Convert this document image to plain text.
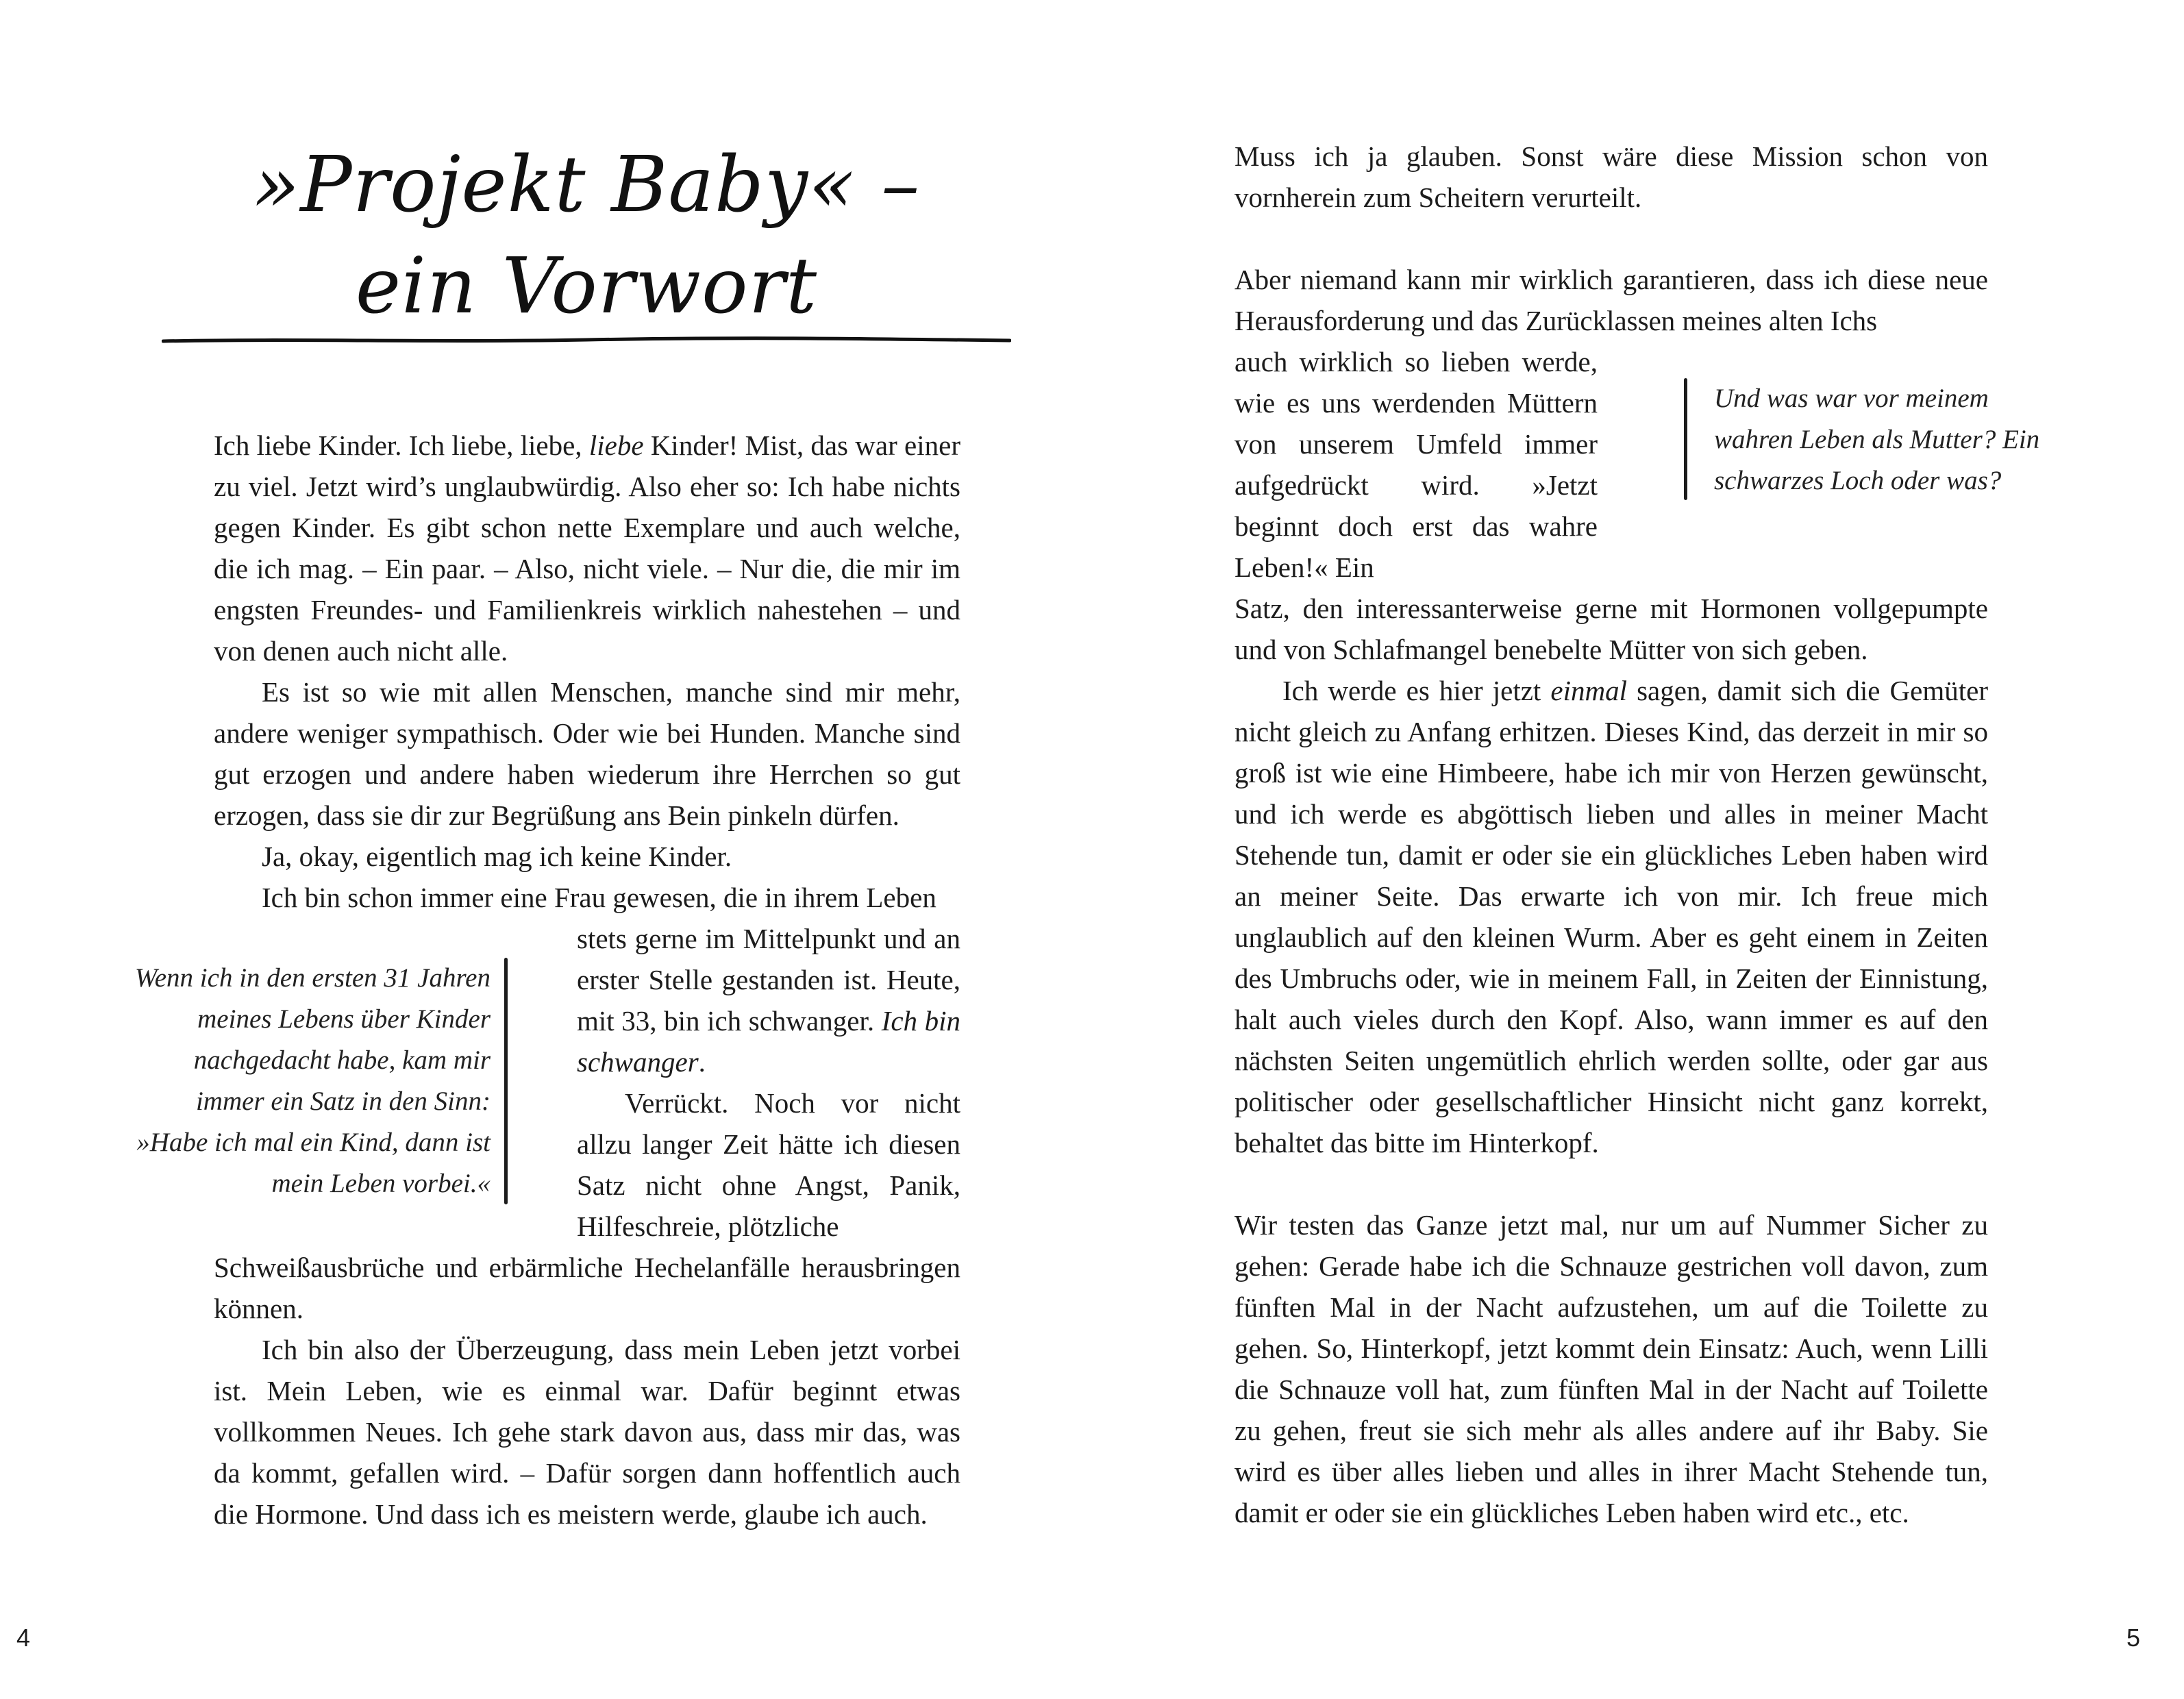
»Projekt Baby« –
ein Vorwort

Ich liebe Kinder. Ich liebe, liebe, liebe Kinder! Mist, das war einer zu viel. Jetzt wird’s unglaubwürdig. Also eher so: Ich habe nichts gegen Kinder. Es gibt schon nette Exemplare und auch welche, die ich mag. – Ein paar. – Also, nicht viele. – Nur die, die mir im engsten Freundes- und Familienkreis wirklich nahestehen – und von denen auch nicht alle.

Es ist so wie mit allen Menschen, manche sind mir mehr, andere weniger sympathisch. Oder wie bei Hunden. Manche sind gut erzogen und andere haben wiederum ihre Herrchen so gut erzogen, dass sie dir zur Begrüßung ans Bein pinkeln dürfen.

Ja, okay, eigentlich mag ich keine Kinder.

Ich bin schon immer eine Frau gewesen, die in ihrem Leben

stets gerne im Mittelpunkt und an erster Stelle gestanden ist. Heute, mit 33, bin ich schwanger. Ich bin schwanger.

Verrückt. Noch vor nicht allzu langer Zeit hätte ich diesen Satz nicht ohne Angst, Panik, Hilfeschreie, plötzliche

Schweißausbrüche und erbärmliche Hechelanfälle herausbringen können.

Ich bin also der Überzeugung, dass mein Leben jetzt vorbei ist. Mein Leben, wie es einmal war. Dafür beginnt etwas vollkommen Neues. Ich gehe stark davon aus, dass mir das, was da kommt, gefallen wird. – Dafür sorgen dann hoffentlich auch die Hormone. Und dass ich es meistern werde, glaube ich auch.

Wenn ich in den ersten 31 Jahren meines Lebens über Kinder nachgedacht habe, kam mir immer ein Satz in den Sinn: »Habe ich mal ein Kind, dann ist mein Leben vorbei.«
4

Muss ich ja glauben. Sonst wäre diese Mission schon von vornherein zum Scheitern verurteilt.

Aber niemand kann mir wirklich garantieren, dass ich diese neue Herausforderung und das Zurücklassen meines alten Ichs

auch wirklich so lieben werde, wie es uns werdenden Müttern von unserem Umfeld immer aufgedrückt wird. »Jetzt beginnt doch erst das wahre Leben!« Ein

Satz, den interessanterweise gerne mit Hormonen vollgepumpte und von Schlafmangel benebelte Mütter von sich geben.

Ich werde es hier jetzt einmal sagen, damit sich die Gemüter nicht gleich zu Anfang erhitzen. Dieses Kind, das derzeit in mir so groß ist wie eine Himbeere, habe ich mir von Herzen gewünscht, und ich werde es abgöttisch lieben und alles in meiner Macht Stehende tun, damit er oder sie ein glückliches Leben haben wird an meiner Seite. Das erwarte ich von mir. Ich freue mich unglaublich auf den kleinen Wurm. Aber es geht einem in Zeiten des Umbruchs oder, wie in meinem Fall, in Zeiten der Einnistung, halt auch vieles durch den Kopf. Also, wann immer es auf den nächsten Seiten ungemütlich ehrlich werden sollte, oder gar aus politischer oder gesellschaftlicher Hinsicht nicht ganz korrekt, behaltet das bitte im Hinterkopf.

Wir testen das Ganze jetzt mal, nur um auf Nummer Sicher zu gehen: Gerade habe ich die Schnauze gestrichen voll davon, zum fünften Mal in der Nacht aufzustehen, um auf die Toilette zu gehen. So, Hinterkopf, jetzt kommt dein Einsatz: Auch, wenn Lilli die Schnauze voll hat, zum fünften Mal in der Nacht auf Toilette zu gehen, freut sie sich mehr als alles andere auf ihr Baby. Sie wird es über alles lieben und alles in ihrer Macht Stehende tun, damit er oder sie ein glückliches Leben haben wird etc., etc.

Und was war vor meinem wahren Leben als Mutter? Ein schwarzes Loch oder was?
5
